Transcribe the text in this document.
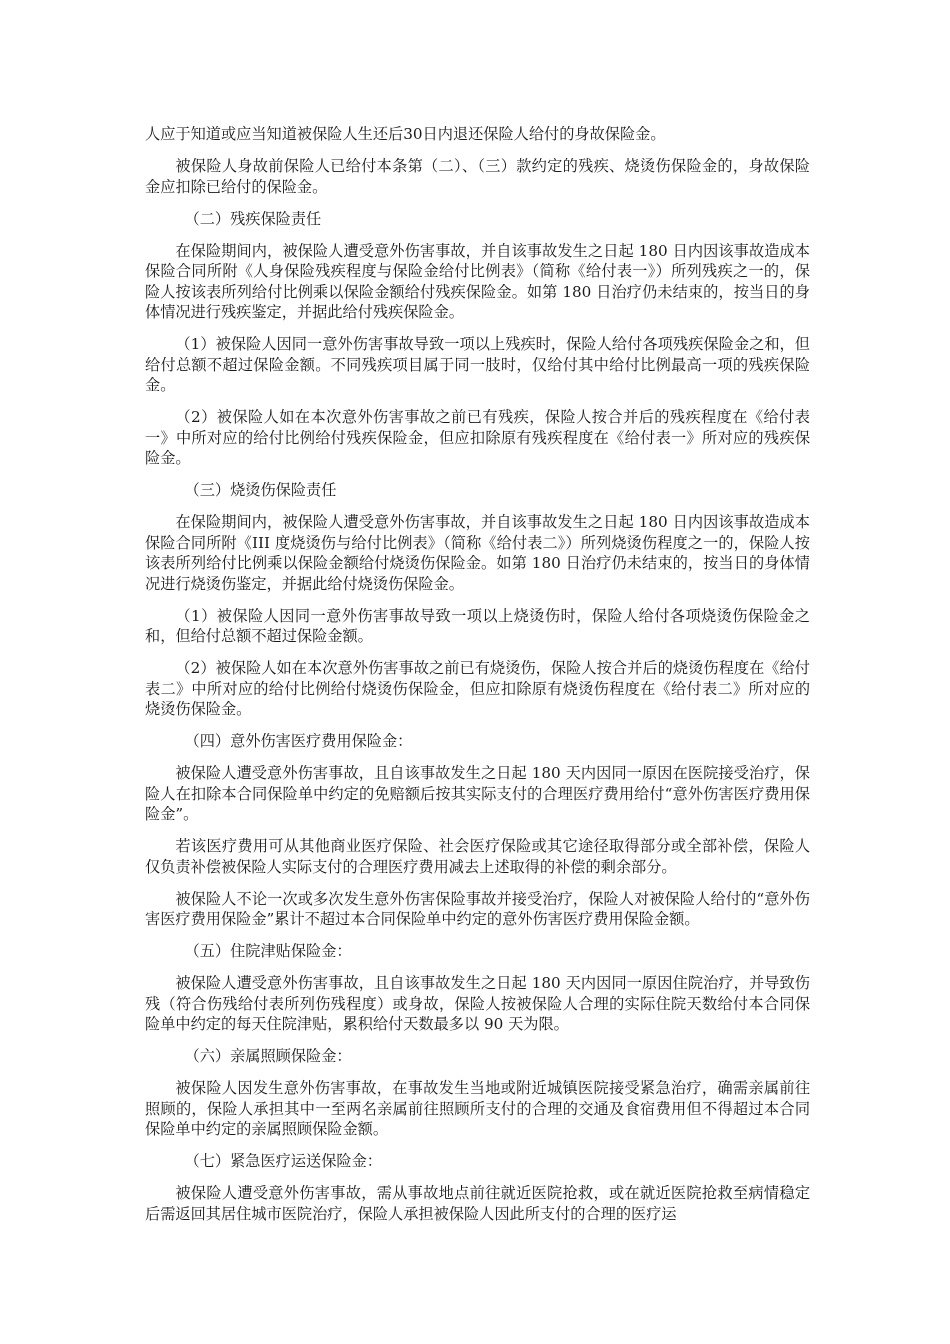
人应于知道或应当知道被保险人生还后30日内退还保险人给付的身故保险金。

被保险人身故前保险人已给付本条第（二）、（三）款约定的残疾、烧烫伤保险金的，身故保险金应扣除已给付的保险金。

（二）残疾保险责任

在保险期间内，被保险人遭受意外伤害事故，并自该事故发生之日起 180 日内因该事故造成本保险合同所附《人身保险残疾程度与保险金给付比例表》（简称《给付表一》）所列残疾之一的，保险人按该表所列给付比例乘以保险金额给付残疾保险金。如第 180 日治疗仍未结束的，按当日的身体情况进行残疾鉴定，并据此给付残疾保险金。

（1）被保险人因同一意外伤害事故导致一项以上残疾时，保险人给付各项残疾保险金之和，但给付总额不超过保险金额。不同残疾项目属于同一肢时，仅给付其中给付比例最高一项的残疾保险金。

（2）被保险人如在本次意外伤害事故之前已有残疾，保险人按合并后的残疾程度在《给付表一》中所对应的给付比例给付残疾保险金，但应扣除原有残疾程度在《给付表一》所对应的残疾保险金。

（三）烧烫伤保险责任

在保险期间内，被保险人遭受意外伤害事故，并自该事故发生之日起 180 日内因该事故造成本保险合同所附《III 度烧烫伤与给付比例表》（简称《给付表二》）所列烧烫伤程度之一的，保险人按该表所列给付比例乘以保险金额给付烧烫伤保险金。如第 180 日治疗仍未结束的，按当日的身体情况进行烧烫伤鉴定，并据此给付烧烫伤保险金。

（1）被保险人因同一意外伤害事故导致一项以上烧烫伤时，保险人给付各项烧烫伤保险金之和，但给付总额不超过保险金额。

（2）被保险人如在本次意外伤害事故之前已有烧烫伤，保险人按合并后的烧烫伤程度在《给付表二》中所对应的给付比例给付烧烫伤保险金，但应扣除原有烧烫伤程度在《给付表二》所对应的烧烫伤保险金。

（四）意外伤害医疗费用保险金：

被保险人遭受意外伤害事故，且自该事故发生之日起 180 天内因同一原因在医院接受治疗，保险人在扣除本合同保险单中约定的免赔额后按其实际支付的合理医疗费用给付“意外伤害医疗费用保险金”。

若该医疗费用可从其他商业医疗保险、社会医疗保险或其它途径取得部分或全部补偿，保险人仅负责补偿被保险人实际支付的合理医疗费用减去上述取得的补偿的剩余部分。

被保险人不论一次或多次发生意外伤害保险事故并接受治疗，保险人对被保险人给付的“意外伤害医疗费用保险金”累计不超过本合同保险单中约定的意外伤害医疗费用保险金额。

（五）住院津贴保险金：

被保险人遭受意外伤害事故，且自该事故发生之日起 180 天内因同一原因住院治疗，并导致伤残（符合伤残给付表所列伤残程度）或身故，保险人按被保险人合理的实际住院天数给付本合同保险单中约定的每天住院津贴，累积给付天数最多以 90 天为限。

（六）亲属照顾保险金：

被保险人因发生意外伤害事故，在事故发生当地或附近城镇医院接受紧急治疗，确需亲属前往照顾的，保险人承担其中一至两名亲属前往照顾所支付的合理的交通及食宿费用但不得超过本合同保险单中约定的亲属照顾保险金额。

（七）紧急医疗运送保险金：

被保险人遭受意外伤害事故，需从事故地点前往就近医院抢救，或在就近医院抢救至病情稳定后需返回其居住城市医院治疗，保险人承担被保险人因此所支付的合理的医疗运
